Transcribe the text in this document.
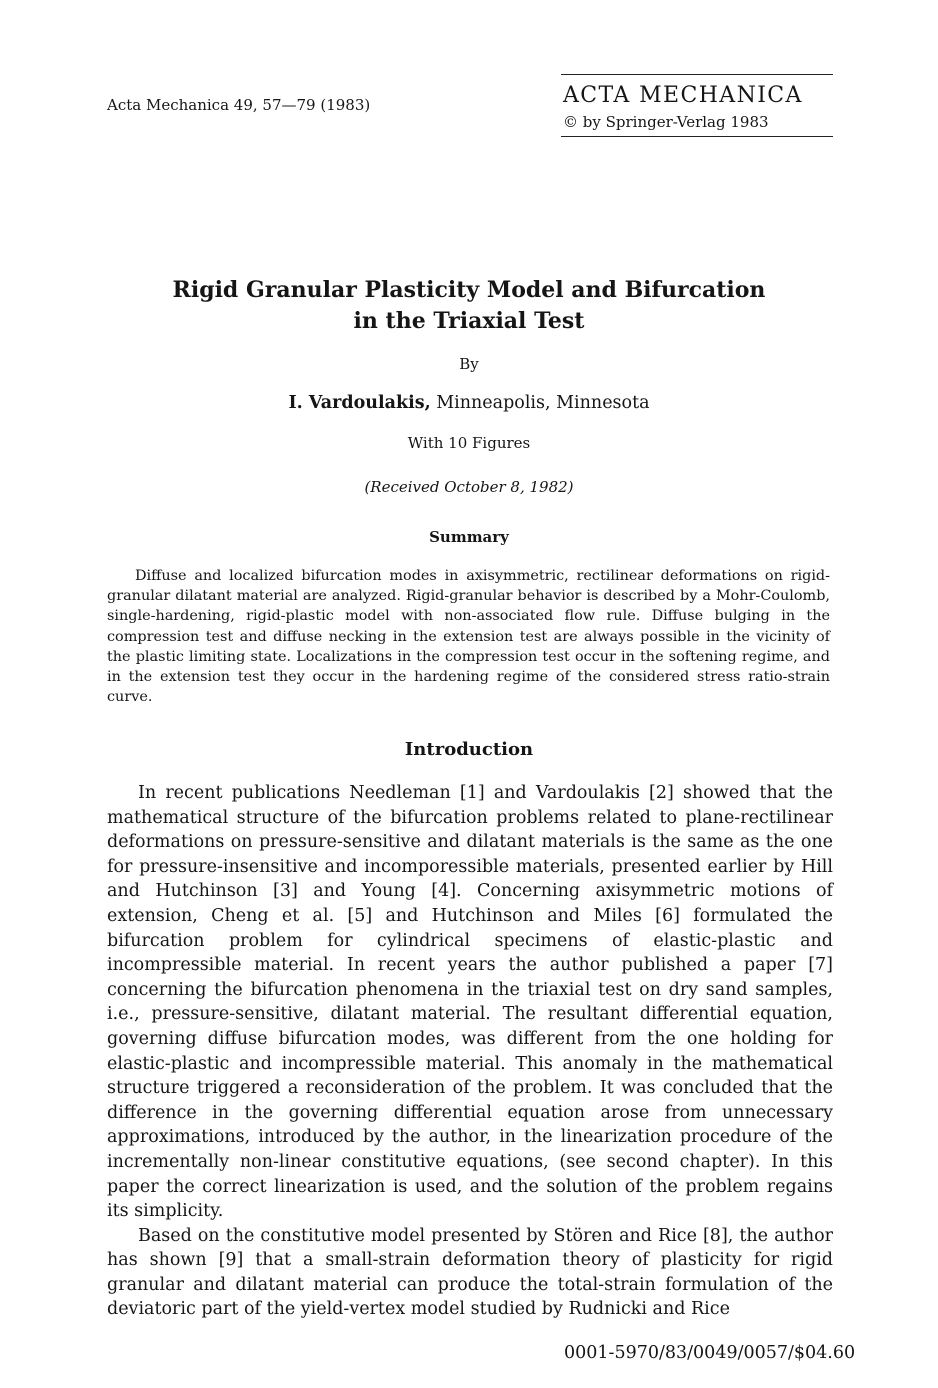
Acta Mechanica 49, 57—79 (1983)	ACTA MECHANICA
© by Springer-Verlag 1983
Rigid Granular Plasticity Model and Bifurcation
in the Triaxial Test
By
I. Vardoulakis, Minneapolis, Minnesota
With 10 Figures
(Received October 8, 1982)
Summary
Diffuse and localized bifurcation modes in axisymmetric, rectilinear deformations on rigid-granular dilatant material are analyzed. Rigid-granular behavior is described by a Mohr-Coulomb, single-hardening, rigid-plastic model with non-associated flow rule. Diffuse bulging in the compression test and diffuse necking in the extension test are always possible in the vicinity of the plastic limiting state. Localizations in the compression test occur in the softening regime, and in the extension test they occur in the hardening regime of the considered stress ratio-strain curve.
Introduction

In recent publications Needleman [1] and Vardoulakis [2] showed that the mathematical structure of the bifurcation problems related to plane-rectilinear deformations on pressure-sensitive and dilatant materials is the same as the one for pressure-insensitive and incomporessible materials, presented earlier by Hill and Hutchinson [3] and Young [4]. Concerning axisymmetric motions of extension, Cheng et al. [5] and Hutchinson and Miles [6] formulated the bifurcation problem for cylindrical specimens of elastic-plastic and incompressible material. In recent years the author published a paper [7] concerning the bifurcation phenomena in the triaxial test on dry sand samples, i.e., pressure-sensitive, dilatant material. The resultant differential equation, governing diffuse bifurcation modes, was different from the one holding for elastic-plastic and incompressible material. This anomaly in the mathematical structure triggered a reconsideration of the problem. It was concluded that the difference in the governing differential equation arose from unnecessary approximations, introduced by the author, in the linearization procedure of the incrementally non-linear constitutive equations, (see second chapter). In this paper the correct linearization is used, and the solution of the problem regains its simplicity.

Based on the constitutive model presented by Stören and Rice [8], the author has shown [9] that a small-strain deformation theory of plasticity for rigid granular and dilatant material can produce the total-strain formulation of the deviatoric part of the yield-vertex model studied by Rudnicki and Rice

0001-5970/83/0049/0057/$04.60
